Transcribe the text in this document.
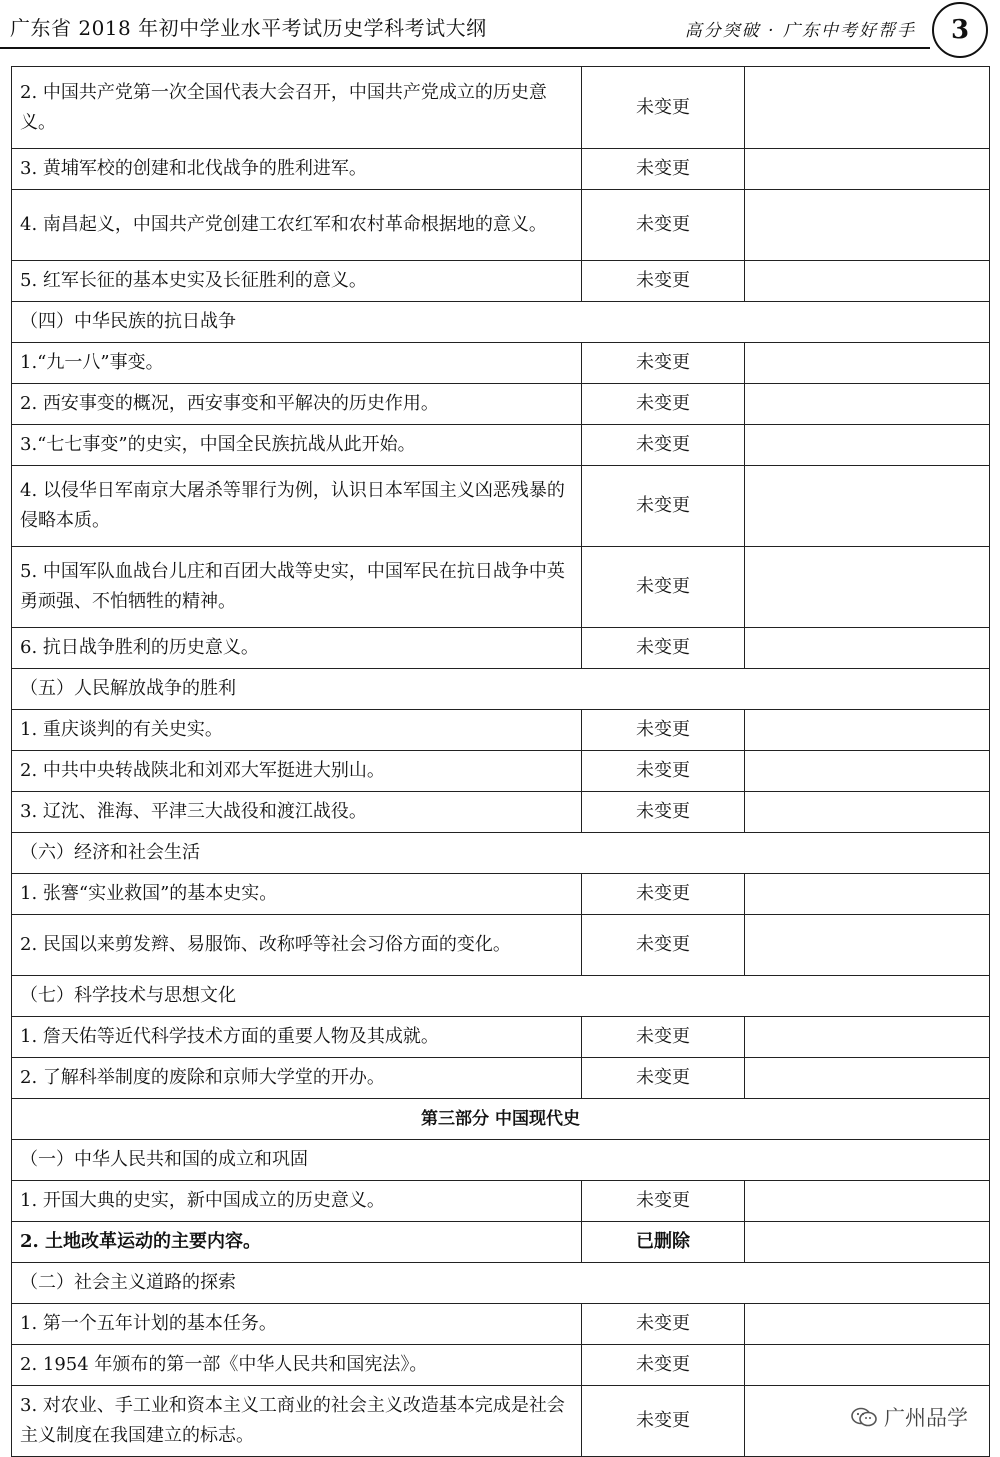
广东省 2018 年初中学业水平考试历史学科考试大纲	高分突破 · 广东中考好帮手	3
2. 中国共产党第一次全国代表大会召开，中国共产党成立的历史意义。	未变更	
3. 黄埔军校的创建和北伐战争的胜利进军。	未变更	
4. 南昌起义，中国共产党创建工农红军和农村革命根据地的意义。	未变更	
5. 红军长征的基本史实及长征胜利的意义。	未变更	
（四）中华民族的抗日战争		
1.“九一八”事变。	未变更	
2. 西安事变的概况，西安事变和平解决的历史作用。	未变更	
3.“七七事变”的史实，中国全民族抗战从此开始。	未变更	
4. 以侵华日军南京大屠杀等罪行为例，认识日本军国主义凶恶残暴的侵略本质。	未变更	
5. 中国军队血战台儿庄和百团大战等史实，中国军民在抗日战争中英勇顽强、不怕牺牲的精神。	未变更	
6. 抗日战争胜利的历史意义。	未变更	
（五）人民解放战争的胜利		
1. 重庆谈判的有关史实。	未变更	
2. 中共中央转战陕北和刘邓大军挺进大别山。	未变更	
3. 辽沈、淮海、平津三大战役和渡江战役。	未变更	
（六）经济和社会生活		
1. 张謇“实业救国”的基本史实。	未变更	
2. 民国以来剪发辫、易服饰、改称呼等社会习俗方面的变化。	未变更	
（七）科学技术与思想文化		
1. 詹天佑等近代科学技术方面的重要人物及其成就。	未变更	
2. 了解科举制度的废除和京师大学堂的开办。	未变更	
第三部分 中国现代史		
（一）中华人民共和国的成立和巩固		
1. 开国大典的史实，新中国成立的历史意义。	未变更	
2. 土地改革运动的主要内容。	已删除	
（二）社会主义道路的探索		
1. 第一个五年计划的基本任务。	未变更	
2. 1954 年颁布的第一部《中华人民共和国宪法》。	未变更	
3. 对农业、手工业和资本主义工商业的社会主义改造基本完成是社会主义制度在我国建立的标志。	未变更		广州品学
